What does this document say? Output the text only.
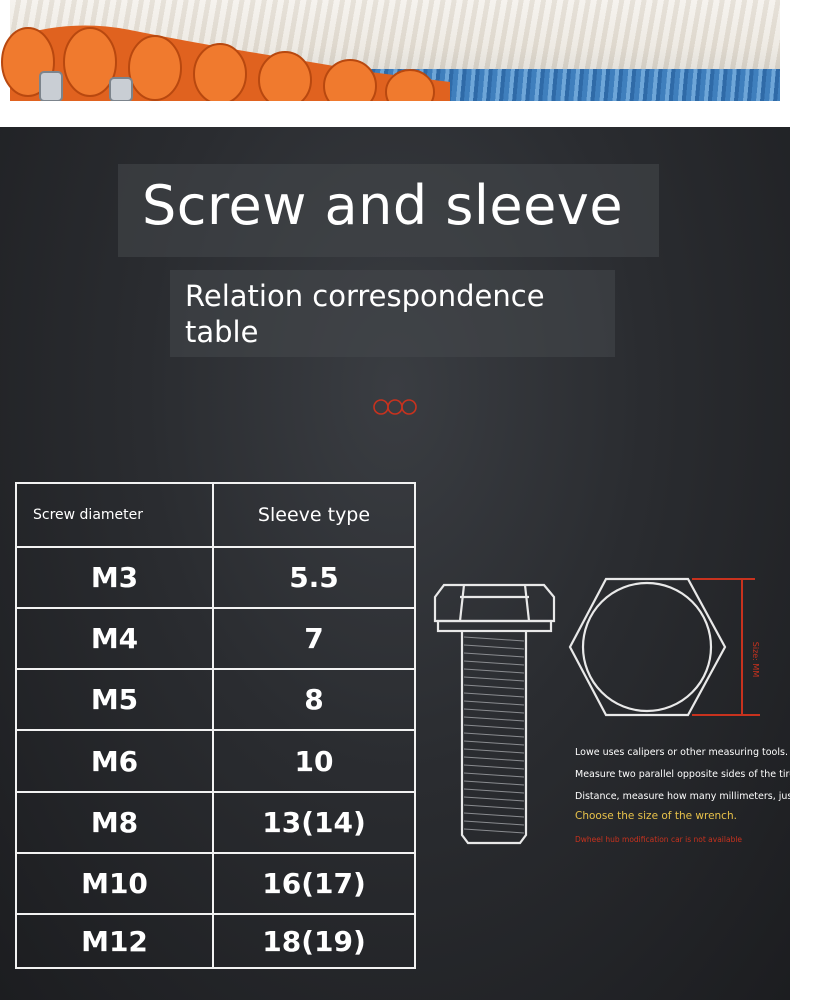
Screw and sleeve
Relation correspondence table
Screw diameter	Sleeve type
M3	5.5
M4	7
M5	8
M6	10
M8	13(14)
M10	16(17)
M12	18(19)
Size: MM
Lowe uses calipers or other measuring tools.
Measure two parallel opposite sides of the tire screw
Distance, measure how many millimeters, just
Choose the size of the wrench.
Dwheel hub modification car is not available
